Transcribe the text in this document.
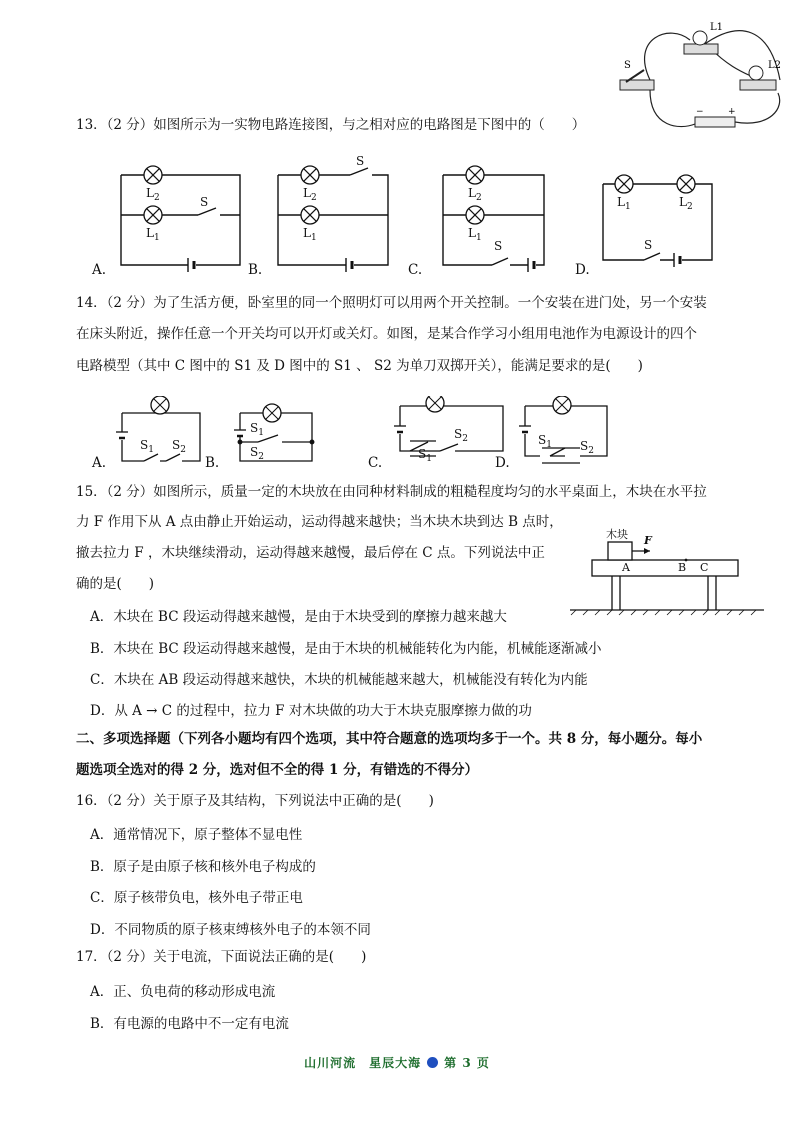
S
L1
L2
−	+
13．（2 分）如图所示为一实物电路连接图，与之相对应的电路图是下图中的（　　）
$L_2$
$L_1$
S
$L_2$
$L_1$
S
$L_2$
$L_1$
S
$L_1$	$L_2$
S
A.	B.	C.	D.
14．（2 分）为了生活方便，卧室里的同一个照明灯可以用两个开关控制。一个安装在进门处，另一个安装
在床头附近，操作任意一个开关均可以开灯或关灯。如图，是某合作学习小组用电池作为电源设计的四个
电路模型（其中 C 图中的 S1 及 D 图中的 S1 、 S2 为单刀双掷开关），能满足要求的是(　　)
$S_1$ $S_2$
$S_1$
$S_2$	$S_1$
$S_2$	$S_1$ $S_2$
A.	B.	C.	D.
15．（2 分）如图所示，质量一定的木块放在由同种材料制成的粗糙程度均匀的水平桌面上，木块在水平拉
力 F 作用下从 A 点由静止开始运动，运动得越来越快；当木块木块到达 B 点时，
撤去拉力 F ，木块继续滑动，运动得越来越慢，最后停在 C 点。下列说法中正
确的是(　　)
木块 F
A	B C
A．木块在 BC 段运动得越来越慢，是由于木块受到的摩擦力越来越大
B．木块在 BC 段运动得越来越慢，是由于木块的机械能转化为内能，机械能逐渐减小
C．木块在 AB 段运动得越来越快，木块的机械能越来越大，机械能没有转化为内能
D．从 A → C 的过程中，拉力 F 对木块做的功大于木块克服摩擦力做的功
二、多项选择题（下列各小题均有四个选项，其中符合题意的选项均多于一个。共 8 分，每小题分。每小
题选项全选对的得 2 分，选对但不全的得 1 分，有错选的不得分）
16．（2 分）关于原子及其结构，下列说法中正确的是(　　)
A．通常情况下，原子整体不显电性
B．原子是由原子核和核外电子构成的
C．原子核带负电，核外电子带正电
D．不同物质的原子核束缚核外电子的本领不同
17．（2 分）关于电流，下面说法正确的是(　　)
A．正、负电荷的移动形成电流
B．有电源的电路中不一定有电流
山川河流　星辰大海 第 3 页
